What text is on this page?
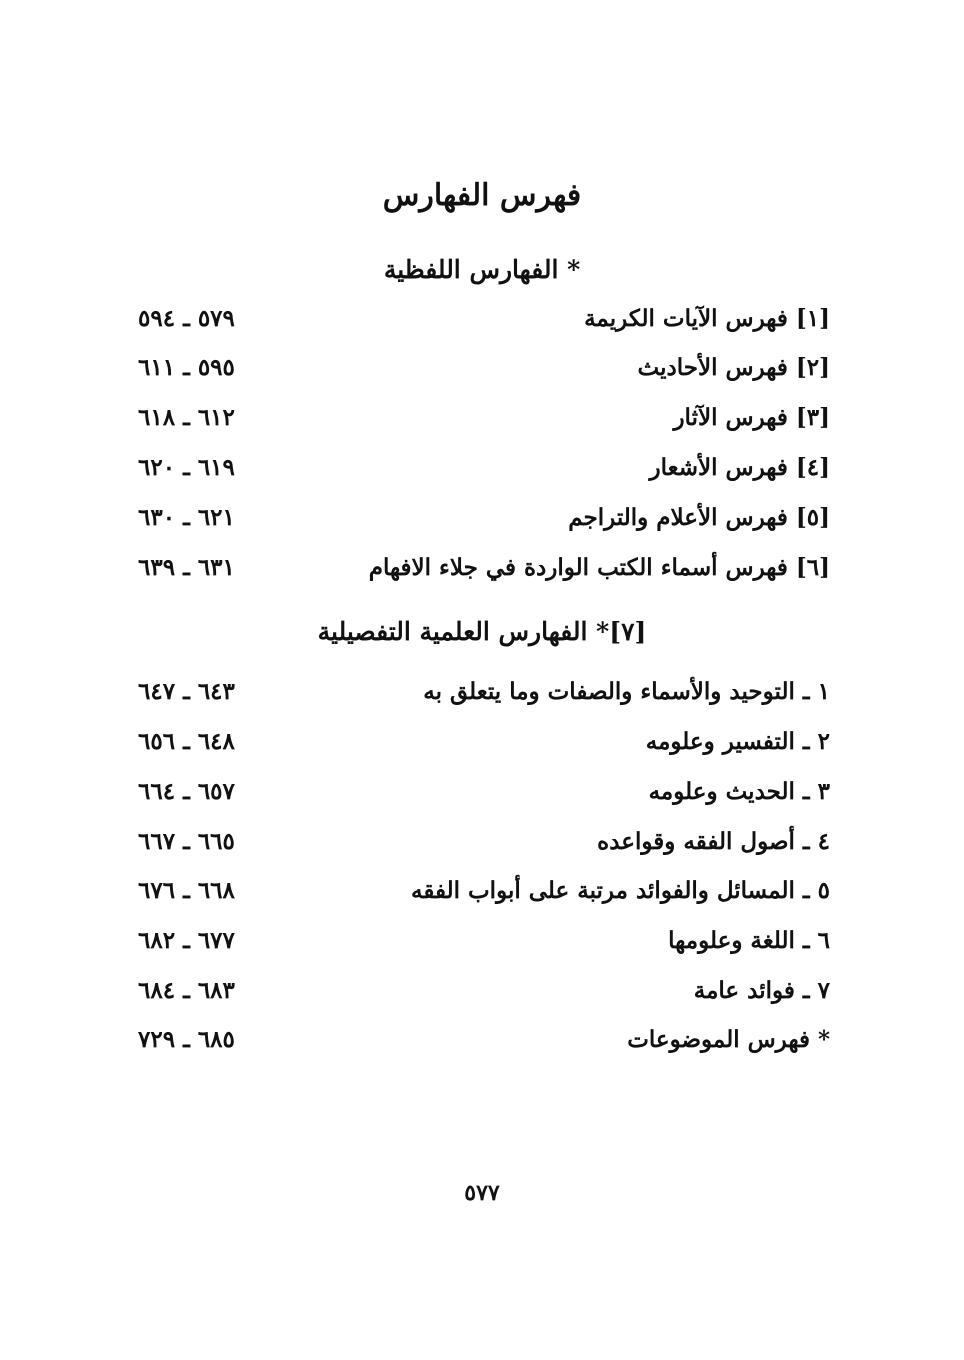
فهرس الفهارس
* الفهارس اللفظية
[١] فهرس الآيات الكريمة
٥٧٩ ـ ٥٩٤
[٢] فهرس الأحاديث
٥٩٥ ـ ٦١١
[٣] فهرس الآثار
٦١٢ ـ ٦١٨
[٤] فهرس الأشعار
٦١٩ ـ ٦٢٠
[٥] فهرس الأعلام والتراجم
٦٢١ ـ ٦٣٠
[٦] فهرس أسماء الكتب الواردة في جلاء الافهام
٦٣١ ـ ٦٣٩
[٧]* الفهارس العلمية التفصيلية
١ ـ التوحيد والأسماء والصفات وما يتعلق به
٦٤٣ ـ ٦٤٧
٢ ـ التفسير وعلومه
٦٤٨ ـ ٦٥٦
٣ ـ الحديث وعلومه
٦٥٧ ـ ٦٦٤
٤ ـ أصول الفقه وقواعده
٦٦٥ ـ ٦٦٧
٥ ـ المسائل والفوائد مرتبة على أبواب الفقه
٦٦٨ ـ ٦٧٦
٦ ـ اللغة وعلومها
٦٧٧ ـ ٦٨٢
٧ ـ فوائد عامة
٦٨٣ ـ ٦٨٤
* فهرس الموضوعات
٦٨٥ ـ ٧٢٩
٥٧٧
